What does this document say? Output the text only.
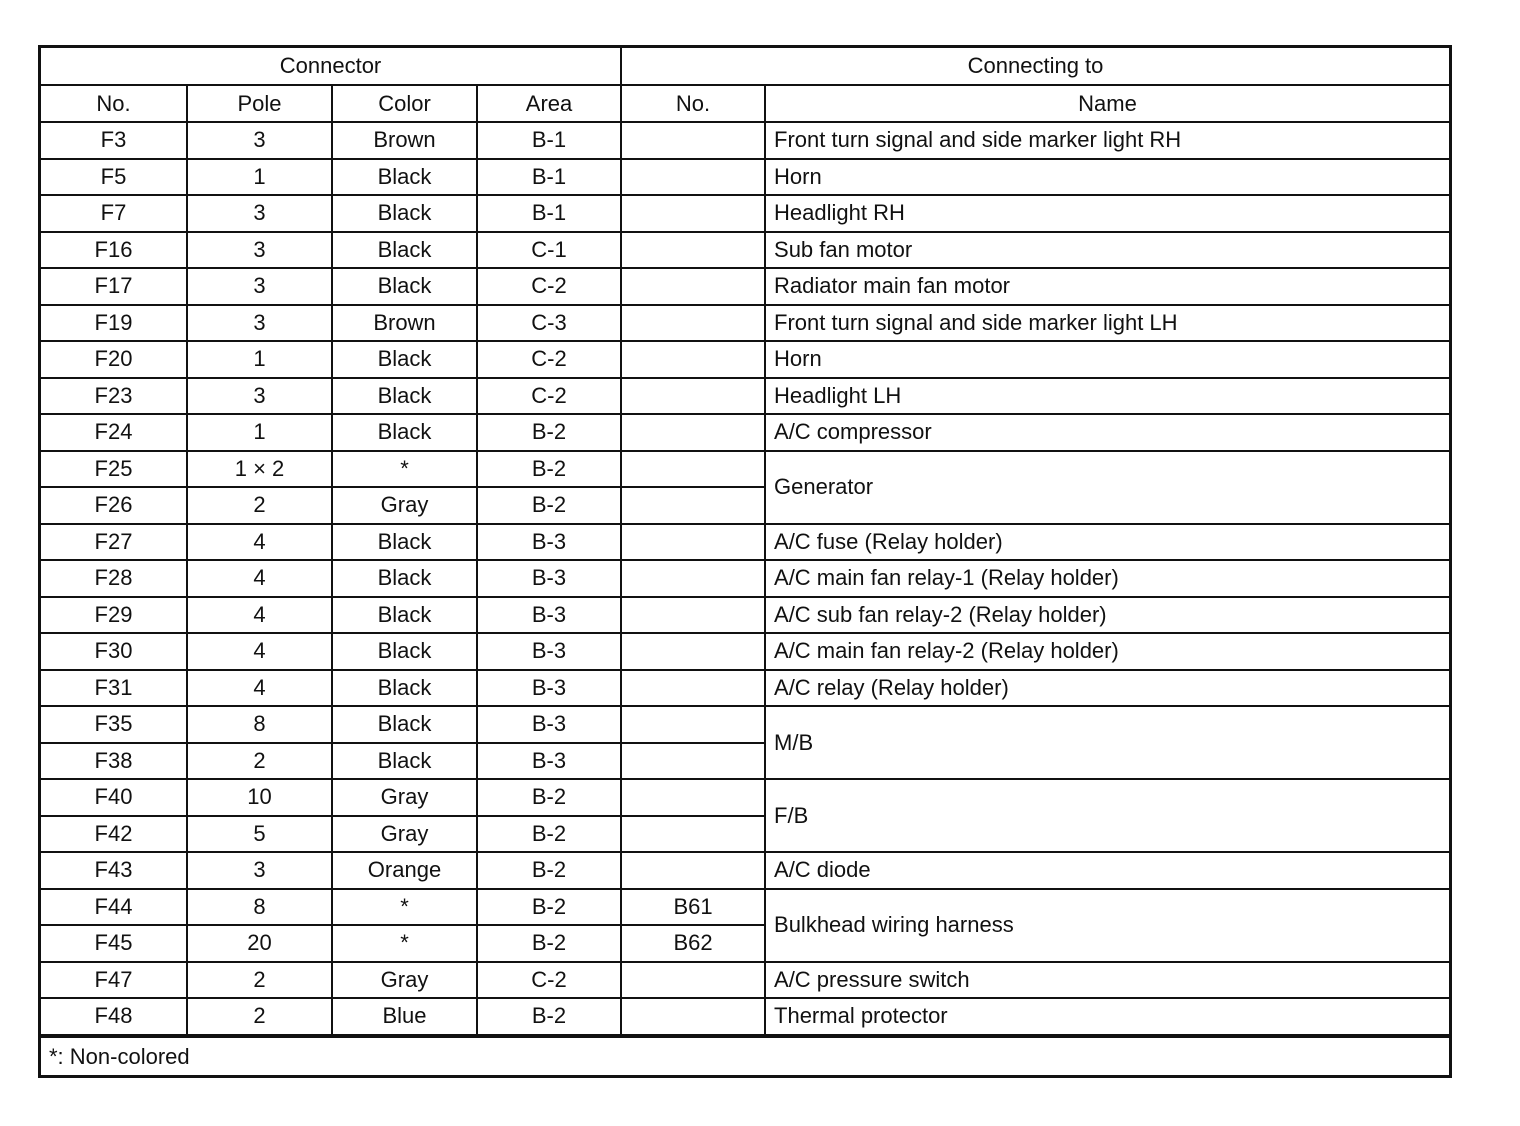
Connector				Connecting to	
No.	Pole	Color	Area	No.	Name
F3	3	Brown	B-1		Front turn signal and side marker light RH
F5	1	Black	B-1		Horn
F7	3	Black	B-1		Headlight RH
F16	3	Black	C-1		Sub fan motor
F17	3	Black	C-2		Radiator main fan motor
F19	3	Brown	C-3		Front turn signal and side marker light LH
F20	1	Black	C-2		Horn
F23	3	Black	C-2		Headlight LH
F24	1	Black	B-2		A/C compressor
F25	1 × 2	*	B-2		Generator
F26	2	Gray	B-2		
F27	4	Black	B-3		A/C fuse (Relay holder)
F28	4	Black	B-3		A/C main fan relay-1 (Relay holder)
F29	4	Black	B-3		A/C sub fan relay-2 (Relay holder)
F30	4	Black	B-3		A/C main fan relay-2 (Relay holder)
F31	4	Black	B-3		A/C relay (Relay holder)
F35	8	Black	B-3		M/B
F38	2	Black	B-3		
F40	10	Gray	B-2		F/B
F42	5	Gray	B-2		
F43	3	Orange	B-2		A/C diode
F44	8	*	B-2	B61	Bulkhead wiring harness
F45	20	*	B-2	B62	
F47	2	Gray	C-2		A/C pressure switch
F48	2	Blue	B-2		Thermal protector
*: Non-colored
